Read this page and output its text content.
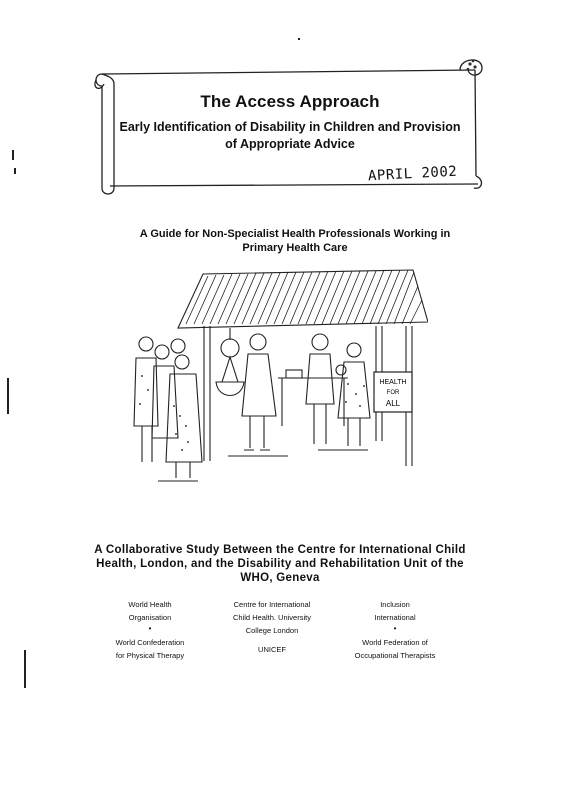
The Access Approach
Early Identification of Disability in Children and Provision
of Appropriate Advice
APRIL 2002
A Guide for Non-Specialist Health Professionals Working in
Primary Health Care
HEALTH
FOR
ALL
A Collaborative Study Between the Centre for International Child
Health, London, and the Disability and Rehabilitation Unit of the
WHO, Geneva
World Health
Organisation
•
World Confederation
for Physical Therapy
Centre for International
Child Health. University
College London
UNICEF
Inclusion
International
•
World Federation of
Occupational Therapists
